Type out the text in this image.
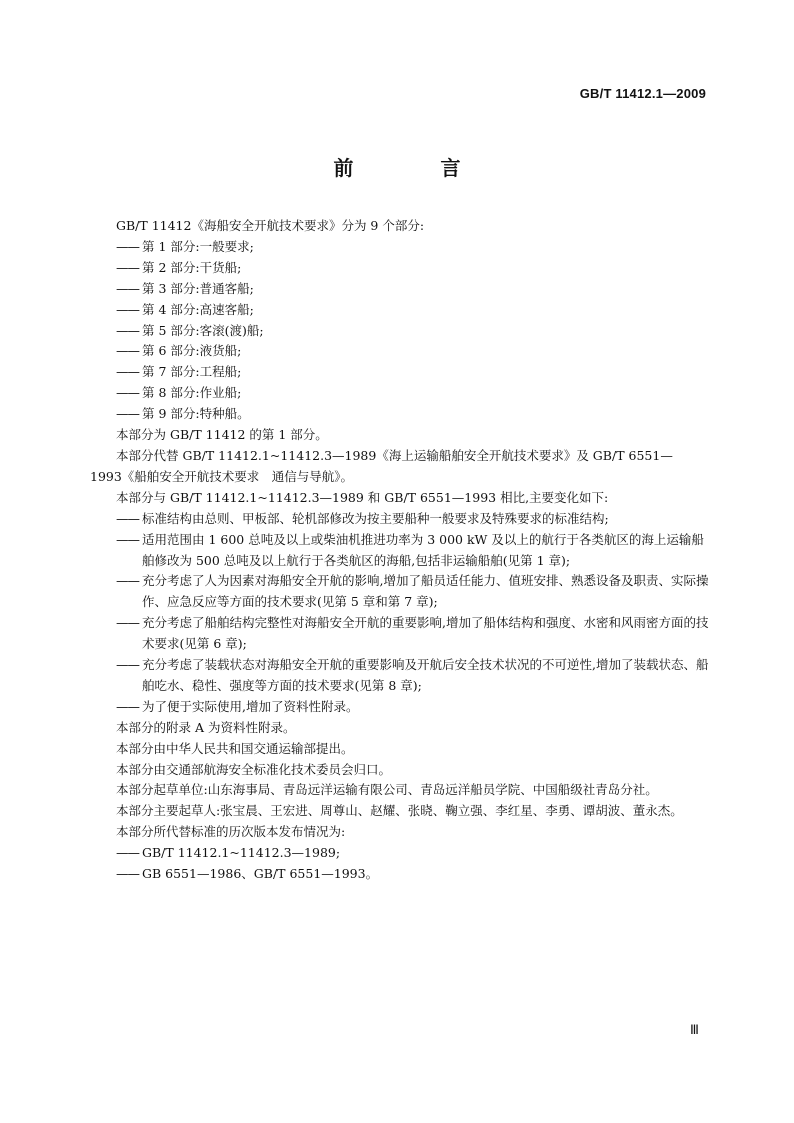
GB/T 11412.1—2009
前 言
GB/T 11412《海船安全开航技术要求》分为 9 个部分:
—— 第 1 部分:一般要求;
—— 第 2 部分:干货船;
—— 第 3 部分:普通客船;
—— 第 4 部分:高速客船;
—— 第 5 部分:客滚(渡)船;
—— 第 6 部分:液货船;
—— 第 7 部分:工程船;
—— 第 8 部分:作业船;
—— 第 9 部分:特种船。
本部分为 GB/T 11412 的第 1 部分。
本部分代替 GB/T 11412.1~11412.3—1989《海上运输船舶安全开航技术要求》及 GB/T 6551—
1993《船舶安全开航技术要求　通信与导航》。
本部分与 GB/T 11412.1~11412.3—1989 和 GB/T 6551—1993 相比,主要变化如下:
—— 标准结构由总则、甲板部、轮机部修改为按主要船种一般要求及特殊要求的标准结构;
—— 适用范围由 1 600 总吨及以上或柴油机推进功率为 3 000 kW 及以上的航行于各类航区的海上运输船舶修改为 500 总吨及以上航行于各类航区的海船,包括非运输船舶(见第 1 章);
—— 充分考虑了人为因素对海船安全开航的影响,增加了船员适任能力、值班安排、熟悉设备及职责、实际操作、应急反应等方面的技术要求(见第 5 章和第 7 章);
—— 充分考虑了船舶结构完整性对海船安全开航的重要影响,增加了船体结构和强度、水密和风雨密方面的技术要求(见第 6 章);
—— 充分考虑了装载状态对海船安全开航的重要影响及开航后安全技术状况的不可逆性,增加了装载状态、船舶吃水、稳性、强度等方面的技术要求(见第 8 章);
—— 为了便于实际使用,增加了资料性附录。
本部分的附录 A 为资料性附录。
本部分由中华人民共和国交通运输部提出。
本部分由交通部航海安全标准化技术委员会归口。
本部分起草单位:山东海事局、青岛远洋运输有限公司、青岛远洋船员学院、中国船级社青岛分社。
本部分主要起草人:张宝晨、王宏进、周尊山、赵耀、张晓、鞠立强、李红星、李勇、谭胡波、董永杰。
本部分所代替标准的历次版本发布情况为:
—— GB/T 11412.1~11412.3—1989;
—— GB 6551—1986、GB/T 6551—1993。
Ⅲ
